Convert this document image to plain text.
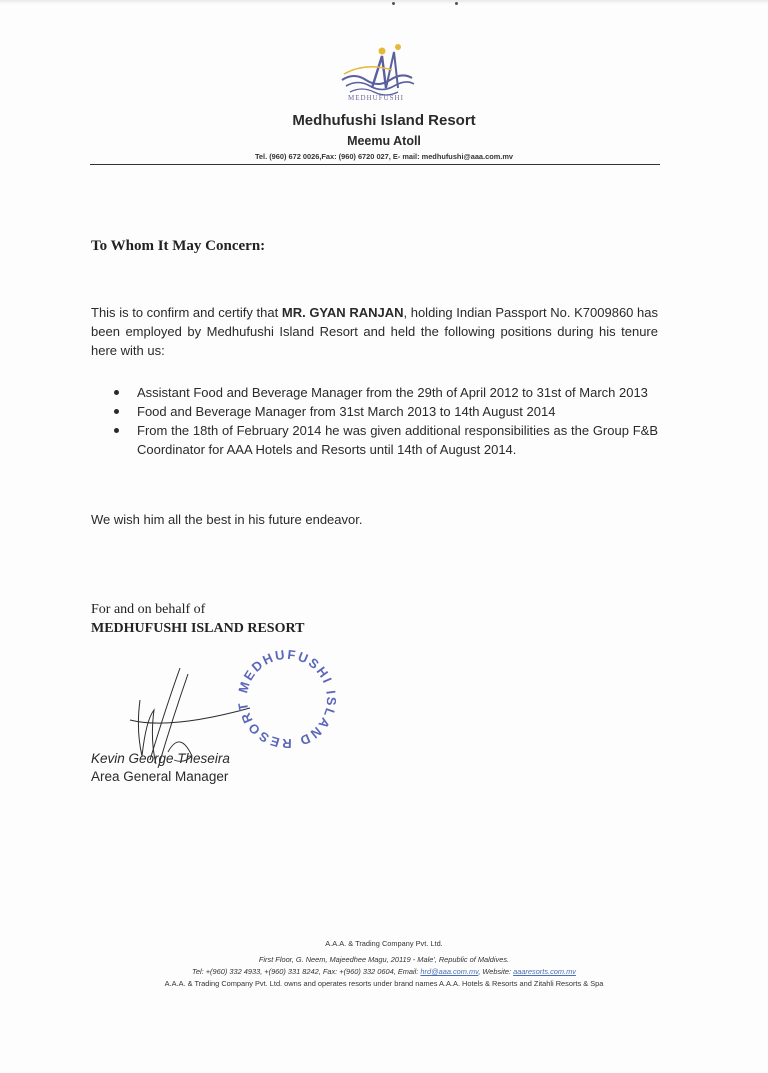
MEDHUFUSHI
Medhufushi Island Resort
Meemu Atoll
Tel. (960) 672 0026,Fax: (960) 6720 027, E- mail: medhufushi@aaa.com.mv
To Whom It May Concern:
This is to confirm and certify that MR. GYAN RANJAN, holding Indian Passport No. K7009860 has been employed by Medhufushi Island Resort and held the following positions during his tenure here with us:
Assistant Food and Beverage Manager from the 29th of April 2012 to 31st of March 2013
Food and Beverage Manager from 31st March 2013 to 14th August 2014
From the 18th of February 2014 he was given additional responsibilities as the Group F&B Coordinator for AAA Hotels and Resorts until 14th of August 2014.
We wish him all the best in his future endeavor.
For and on behalf of
MEDHUFUSHI ISLAND RESORT
MEDHUFUSHI ISLAND RESORT
Kevin George Theseira
Area General Manager
A.A.A. & Trading Company Pvt. Ltd.
First Floor, G. Neem, Majeedhee Magu, 20119 - Male', Republic of Maldives.
Tel: +(960) 332 4933, +(960) 331 8242, Fax: +(960) 332 0604, Email: hrd@aaa.com.mv, Website: aaaresorts.com.mv
A.A.A. & Trading Company Pvt. Ltd. owns and operates resorts under brand names A.A.A. Hotels & Resorts and Zitahli Resorts & Spa
